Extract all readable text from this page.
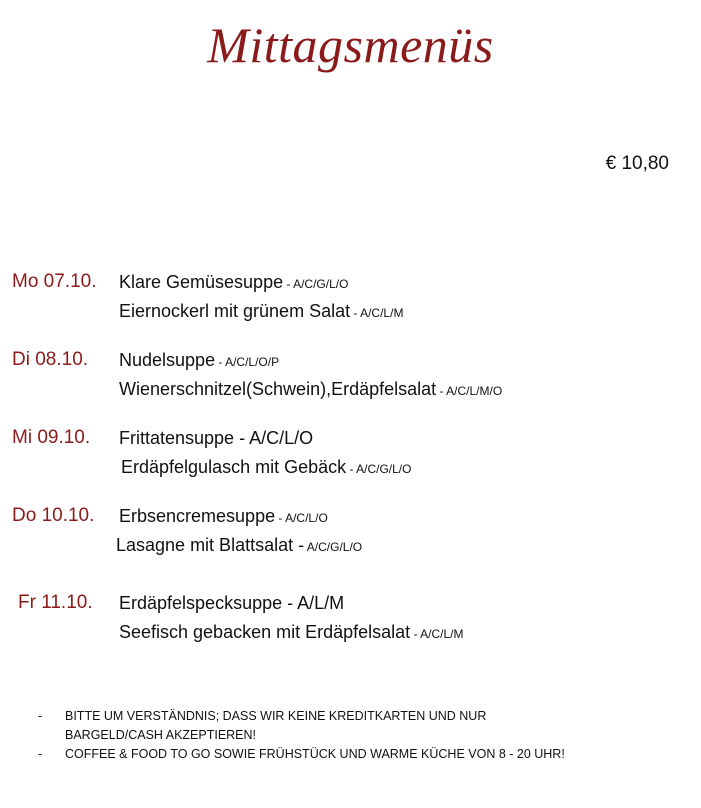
Mittagsmenüs
€ 10,80
Mo 07.10. Klare Gemüsesuppe - A/C/G/L/O
Eiernockerl mit grünem Salat - A/C/L/M
Di 08.10. Nudelsuppe - A/C/L/O/P
Wienerschnitzel(Schwein),Erdäpfelsalat - A/C/L/M/O
Mi 09.10. Frittatensuppe - A/C/L/O
Erdäpfelgulasch mit Gebäck - A/C/G/L/O
Do 10.10. Erbsencremesuppe - A/C/L/O
Lasagne mit Blattsalat - A/C/G/L/O
Fr 11.10. Erdäpfelspecksuppe - A/L/M
Seefisch gebacken mit Erdäpfelsalat - A/C/L/M
- BITTE UM VERSTÄNDNIS; DASS WIR KEINE KREDITKARTEN UND NUR
BARGELD/CASH AKZEPTIEREN!
- COFFEE & FOOD TO GO SOWIE FRÜHSTÜCK UND WARME KÜCHE VON 8 - 20 UHR!
